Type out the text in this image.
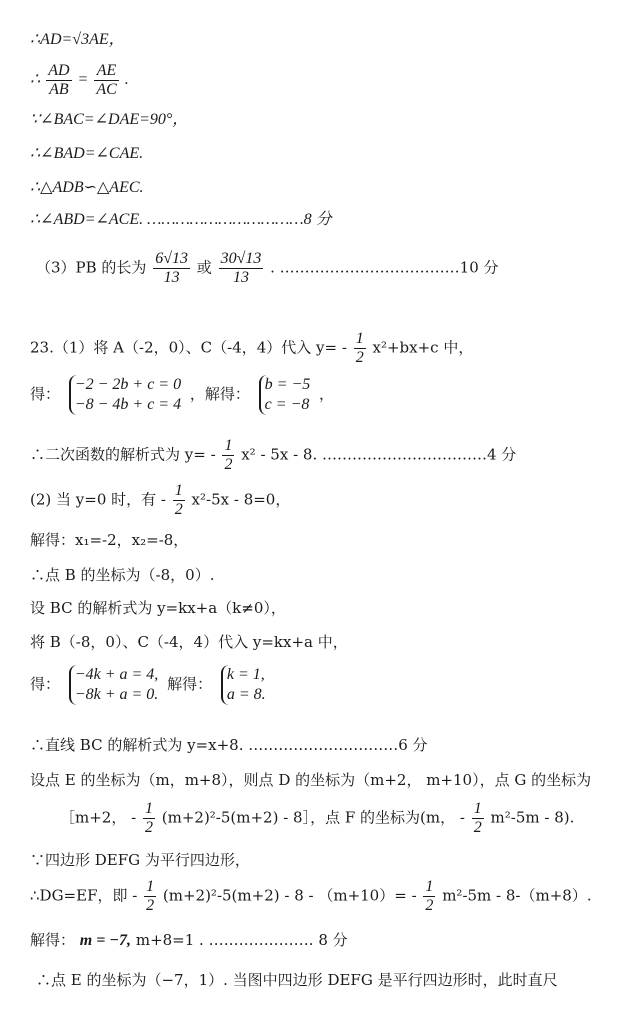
∴AD=√3AE，
∴ $\frac{AD}{AB} = \frac{AE}{AC}$ .
∵∠BAC=∠DAE=90°，
∴∠BAD=∠CAE.
∴△ADB∽△AEC.
∴∠ABD=∠ACE. ……………………………8 分
（3）PB 的长为 $\frac{6√13}{13}$ 或 $\frac{30√13}{13}$ . ………………………………10 分
23.（1）将 A（-2，0）、C（-4，4）代入 $y= - \frac{1}{2} x^2+bx+c$ 中，
得：
−2 − 2b + c = 0
−8 − 4b + c = 4
，解得：
b = −5
c = −8
，
∴二次函数的解析式为 $y= - \frac{1}{2} x^2 - 5x - 8$. ……………………………4 分
(2) 当 y=0 时，有 - $\frac{1}{2} x^2-5x - 8=0$，
解得：x₁=-2，x₂=-8，
∴点 B 的坐标为（-8，0）.
设 BC 的解析式为 y=kx+a（k≠0），
将 B（-8，0）、C（-4，4）代入 y=kx+a 中，
得：
−4k + a = 4,
−8k + a = 0.
解得：
k = 1,
a = 8.
∴直线 BC 的解析式为 y=x+8. …………………………6 分
设点 E 的坐标为（m，m+8），则点 D 的坐标为（m+2， m+10），点 G 的坐标为
［m+2， - $\frac{1}{2} (m+2)^2-5(m+2)$ - 8］，点 F 的坐标为(m， - $\frac{1}{2} m^2-5m - 8$).
∵四边形 DEFG 为平行四边形，
∴DG=EF，即 - $\frac{1}{2} (m+2)^2-5(m+2) - 8 - (m+10)= - \frac{1}{2} m^2-5m - 8-(m+8)$.
解得： m = −7, m+8=1 . ………………… 8 分
∴点 E 的坐标为（−7，1）. 当图中四边形 DEFG 是平行四边形时，此时直尺
